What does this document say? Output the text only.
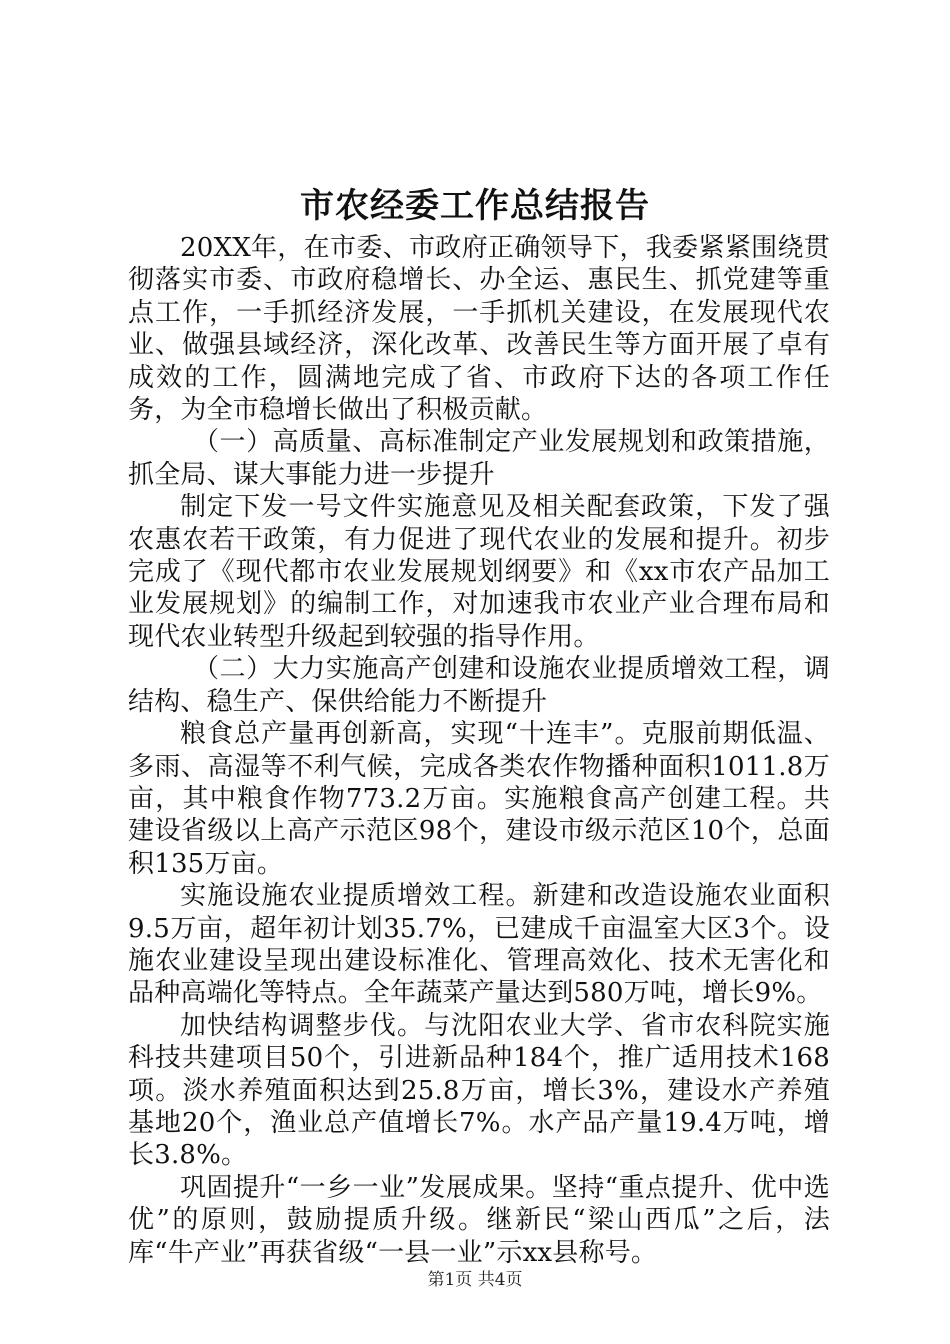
市农经委工作总结报告

20XX年，在市委、市政府正确领导下，我委紧紧围绕贯彻落实市委、市政府稳增长、办全运、惠民生、抓党建等重点工作，一手抓经济发展，一手抓机关建设，在发展现代农业、做强县域经济，深化改革、改善民生等方面开展了卓有成效的工作，圆满地完成了省、市政府下达的各项工作任务，为全市稳增长做出了积极贡献。

（一）高质量、高标准制定产业发展规划和政策措施，抓全局、谋大事能力进一步提升

制定下发一号文件实施意见及相关配套政策，下发了强农惠农若干政策，有力促进了现代农业的发展和提升。初步完成了《现代都市农业发展规划纲要》和《xx市农产品加工业发展规划》的编制工作，对加速我市农业产业合理布局和现代农业转型升级起到较强的指导作用。

（二）大力实施高产创建和设施农业提质增效工程，调结构、稳生产、保供给能力不断提升

粮食总产量再创新高，实现“十连丰”。克服前期低温、多雨、高湿等不利气候，完成各类农作物播种面积1011.8万亩，其中粮食作物773.2万亩。实施粮食高产创建工程。共建设省级以上高产示范区98个，建设市级示范区10个，总面积135万亩。

实施设施农业提质增效工程。新建和改造设施农业面积9.5万亩，超年初计划35.7%，已建成千亩温室大区3个。设施农业建设呈现出建设标准化、管理高效化、技术无害化和品种高端化等特点。全年蔬菜产量达到580万吨，增长9%。

加快结构调整步伐。与沈阳农业大学、省市农科院实施科技共建项目50个，引进新品种184个，推广适用技术168项。淡水养殖面积达到25.8万亩，增长3%，建设水产养殖基地20个，渔业总产值增长7%。水产品产量19.4万吨，增长3.8%。

巩固提升“一乡一业”发展成果。坚持“重点提升、优中选优”的原则，鼓励提质升级。继新民“梁山西瓜”之后，法库“牛产业”再获省级“一县一业”示xx县称号。

第1页 共4页
